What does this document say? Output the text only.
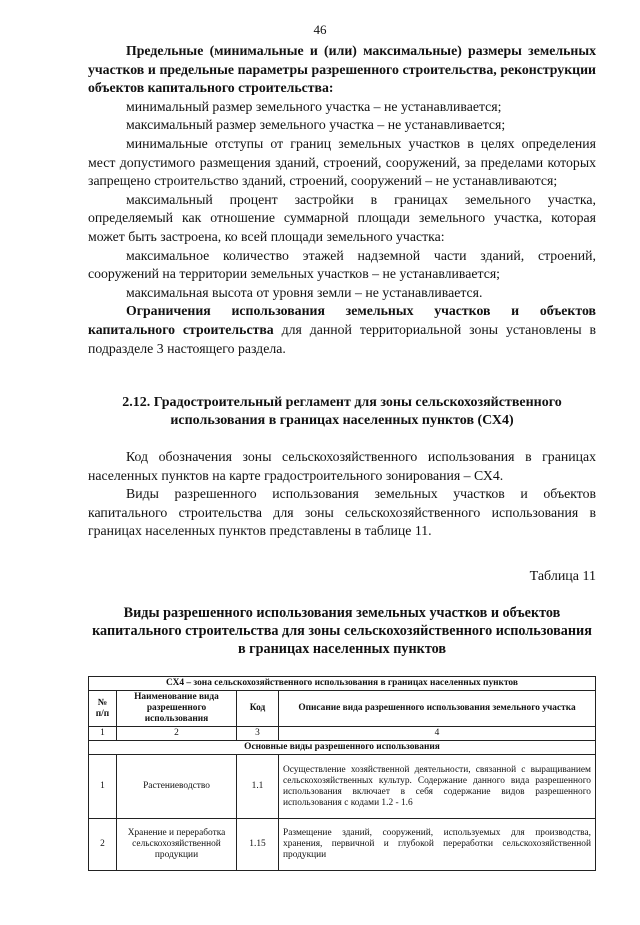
46

Предельные (минимальные и (или) максимальные) размеры земельных участков и предельные параметры разрешенного строительства, реконструкции объектов капитального строительства:

минимальный размер земельного участка – не устанавливается;

максимальный размер земельного участка – не устанавливается;

минимальные отступы от границ земельных участков в целях определения мест допустимого размещения зданий, строений, сооружений, за пределами которых запрещено строительство зданий, строений, сооружений – не устанавливаются;

максимальный процент застройки в границах земельного участка, определяемый как отношение суммарной площади земельного участка, которая может быть застроена, ко всей площади земельного участка:

максимальное количество этажей надземной части зданий, строений, сооружений на территории земельных участков – не устанавливается;

максимальная высота от уровня земли – не устанавливается.

Ограничения использования земельных участков и объектов капитального строительства для данной территориальной зоны установлены в подразделе 3 настоящего раздела.

2.12. Градостроительный регламент для зоны сельскохозяйственного использования в границах населенных пунктов (СХ4)

Код обозначения зоны сельскохозяйственного использования в границах населенных пунктов на карте градостроительного зонирования – СХ4.

Виды разрешенного использования земельных участков и объектов капитального строительства для зоны сельскохозяйственного использования в границах населенных пунктов представлены в таблице 11.

Таблица 11
Виды разрешенного использования земельных участков и объектов капитального строительства для зоны сельскохозяйственного использования в границах населенных пунктов
СХ4 – зона сельскохозяйственного использования в границах населенных пунктов			
№ п/п	Наименование вида разрешенного использования	Код	Описание вида разрешенного использования земельного участка
1	2	3	4
Основные виды разрешенного использования			
1	Растениеводство	1.1	Осуществление хозяйственной деятельности, связанной с выращиванием сельскохозяйственных культур. Содержание данного вида разрешенного использования включает в себя содержание видов разрешенного использования с кодами 1.2 - 1.6
2	Хранение и переработка сельскохозяйственной продукции	1.15	Размещение зданий, сооружений, используемых для производства, хранения, первичной и глубокой переработки сельскохозяйственной продукции
